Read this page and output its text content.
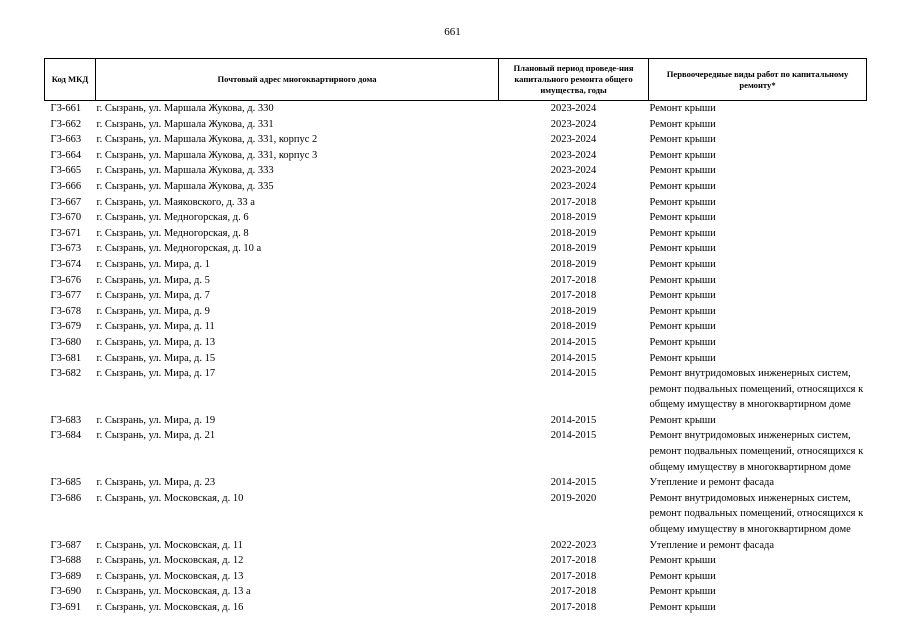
661
Код МКД	Почтовый адрес многоквартирного дома	Плановый период проведе-ния капитального ремонта общего имущества, годы	Первоочередные виды работ по капитальному ремонту*
Г3-661	г. Сызрань, ул. Маршала Жукова, д. 330	2023-2024	Ремонт крыши
Г3-662	г. Сызрань, ул. Маршала Жукова, д. 331	2023-2024	Ремонт крыши
Г3-663	г. Сызрань, ул. Маршала Жукова, д. 331, корпус 2	2023-2024	Ремонт крыши
Г3-664	г. Сызрань, ул. Маршала Жукова, д. 331, корпус 3	2023-2024	Ремонт крыши
Г3-665	г. Сызрань, ул. Маршала Жукова, д. 333	2023-2024	Ремонт крыши
Г3-666	г. Сызрань, ул. Маршала Жукова, д. 335	2023-2024	Ремонт крыши
Г3-667	г. Сызрань, ул. Маяковского, д. 33 а	2017-2018	Ремонт крыши
Г3-670	г. Сызрань, ул. Медногорская, д. 6	2018-2019	Ремонт крыши
Г3-671	г. Сызрань, ул. Медногорская, д. 8	2018-2019	Ремонт крыши
Г3-673	г. Сызрань, ул. Медногорская, д. 10 а	2018-2019	Ремонт крыши
Г3-674	г. Сызрань, ул. Мира, д. 1	2018-2019	Ремонт крыши
Г3-676	г. Сызрань, ул. Мира, д. 5	2017-2018	Ремонт крыши
Г3-677	г. Сызрань, ул. Мира, д. 7	2017-2018	Ремонт крыши
Г3-678	г. Сызрань, ул. Мира, д. 9	2018-2019	Ремонт крыши
Г3-679	г. Сызрань, ул. Мира, д. 11	2018-2019	Ремонт крыши
Г3-680	г. Сызрань, ул. Мира, д. 13	2014-2015	Ремонт крыши
Г3-681	г. Сызрань, ул. Мира, д. 15	2014-2015	Ремонт крыши
Г3-682	г. Сызрань, ул. Мира, д. 17	2014-2015	Ремонт внутридомовых инженерных систем, ремонт подвальных помещений, относящихся к общему имуществу в многоквартирном доме
Г3-683	г. Сызрань, ул. Мира, д. 19	2014-2015	Ремонт крыши
Г3-684	г. Сызрань, ул. Мира, д. 21	2014-2015	Ремонт внутридомовых инженерных систем, ремонт подвальных помещений, относящихся к общему имуществу в многоквартирном доме
Г3-685	г. Сызрань, ул. Мира, д. 23	2014-2015	Утепление и ремонт фасада
Г3-686	г. Сызрань, ул. Московская, д. 10	2019-2020	Ремонт внутридомовых инженерных систем, ремонт подвальных помещений, относящихся к общему имуществу в многоквартирном доме
Г3-687	г. Сызрань, ул. Московская, д. 11	2022-2023	Утепление и ремонт фасада
Г3-688	г. Сызрань, ул. Московская, д. 12	2017-2018	Ремонт крыши
Г3-689	г. Сызрань, ул. Московская, д. 13	2017-2018	Ремонт крыши
Г3-690	г. Сызрань, ул. Московская, д. 13 а	2017-2018	Ремонт крыши
Г3-691	г. Сызрань, ул. Московская, д. 16	2017-2018	Ремонт крыши
